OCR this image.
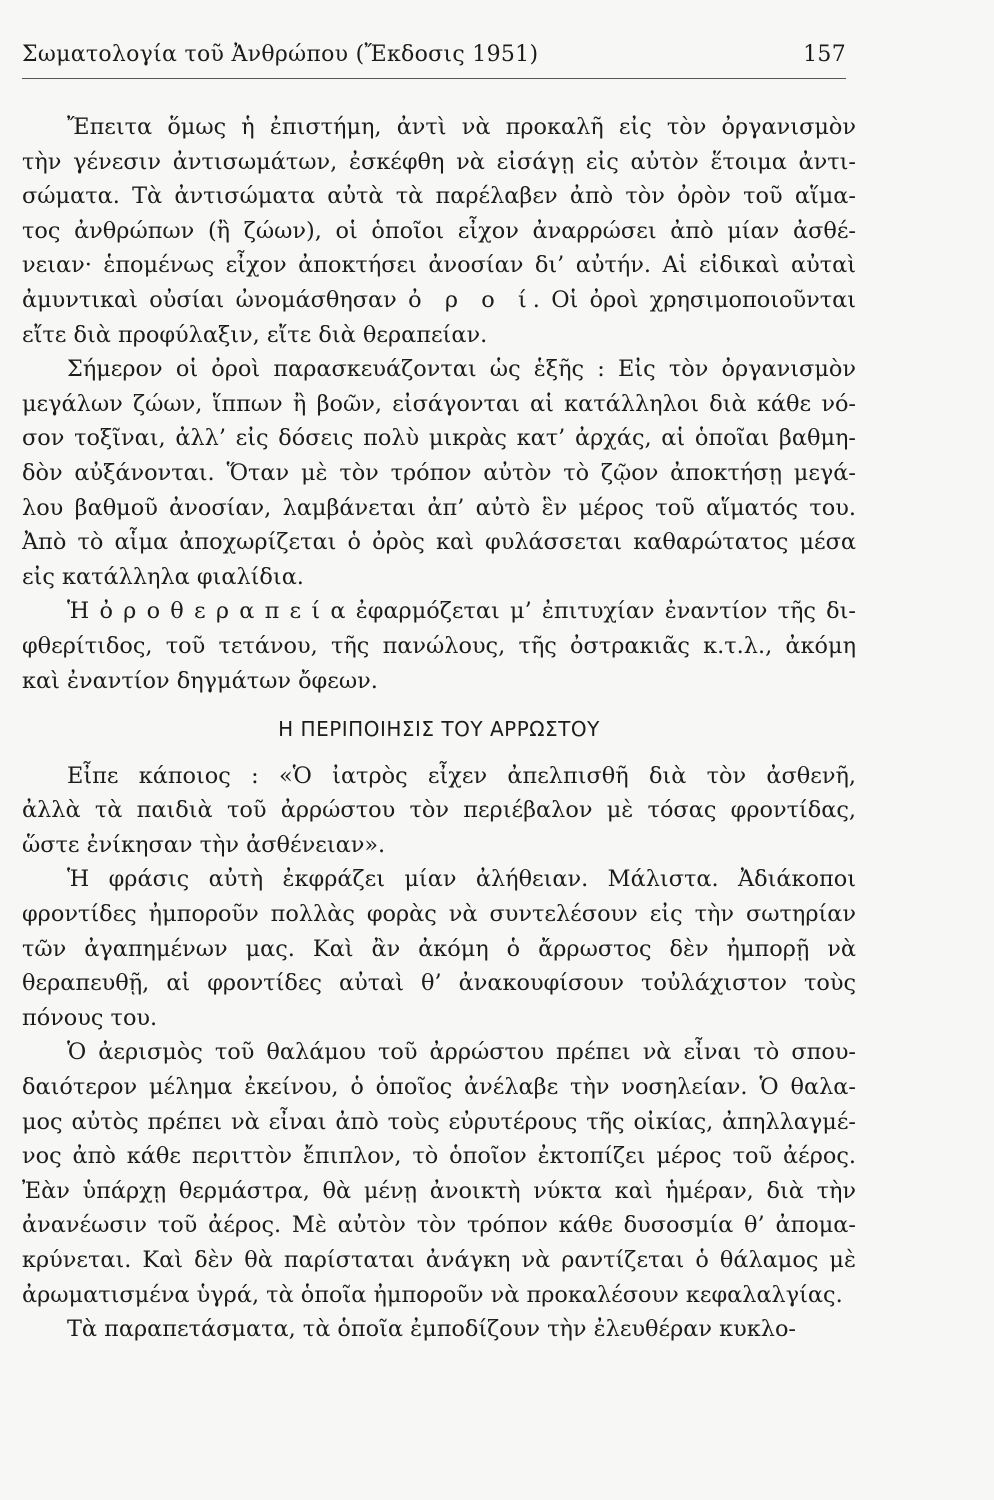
Σωματολογία τοῦ Ἀνθρώπου (Ἔκδοσις 1951)	157
Ἔπειτα ὅμως ἡ ἐπιστήμη, ἀντὶ νὰ προκαλῆ εἰς τὸν ὀργανισμὸν
τὴν γένεσιν ἀντισωμάτων, ἐσκέφθη νὰ εἰσάγῃ εἰς αὐτὸν ἕτοιμα ἀντι-
σώματα. Τὰ ἀντισώματα αὐτὰ τὰ παρέλαβεν ἀπὸ τὸν ὀρὸν τοῦ αἵμα-
τος ἀνθρώπων (ἢ ζώων), οἱ ὁποῖοι εἶχον ἀναρρώσει ἀπὸ μίαν ἀσθέ-
νειαν· ἑπομένως εἶχον ἀποκτήσει ἀνοσίαν δι’ αὐτήν. Αἱ εἰδικαὶ αὐταὶ
ἀμυντικαὶ οὐσίαι ὠνομάσθησαν ὀ ρ ο ί. Οἱ ὀροὶ χρησιμοποιοῦνται
εἴτε διὰ προφύλαξιν, εἴτε διὰ θεραπείαν.
Σήμερον οἱ ὀροὶ παρασκευάζονται ὡς ἑξῆς : Εἰς τὸν ὀργανισμὸν
μεγάλων ζώων, ἵππων ἢ βοῶν, εἰσάγονται αἱ κατάλληλοι διὰ κάθε νό-
σον τοξῖναι, ἀλλ’ εἰς δόσεις πολὺ μικρὰς κατ’ ἀρχάς, αἱ ὁποῖαι βαθμη-
δὸν αὐξάνονται. Ὅταν μὲ τὸν τρόπον αὐτὸν τὸ ζῷον ἀποκτήσῃ μεγά-
λου βαθμοῦ ἀνοσίαν, λαμβάνεται ἀπ’ αὐτὸ ἓν μέρος τοῦ αἵματός του.
Ἀπὸ τὸ αἷμα ἀποχωρίζεται ὁ ὀρὸς καὶ φυλάσσεται καθαρώτατος μέσα
εἰς κατάλληλα φιαλίδια.
Ἡ ὀ ρ ο θ ε ρ α π ε ί α ἐφαρμόζεται μ’ ἐπιτυχίαν ἐναντίον τῆς δι-
φθερίτιδος, τοῦ τετάνου, τῆς πανώλους, τῆς ὀστρακιᾶς κ.τ.λ., ἀκόμη
καὶ ἐναντίον δηγμάτων ὄφεων.
Η ΠΕΡΙΠΟΙΗΣΙΣ ΤΟΥ ΑΡΡΩΣΤΟΥ
Εἶπε κάποιος : «Ὁ ἰατρὸς εἶχεν ἀπελπισθῆ διὰ τὸν ἀσθενῆ,
ἀλλὰ τὰ παιδιὰ τοῦ ἀρρώστου τὸν περιέβαλον μὲ τόσας φροντίδας,
ὥστε ἐνίκησαν τὴν ἀσθένειαν».
Ἡ φράσις αὐτὴ ἐκφράζει μίαν ἀλήθειαν. Μάλιστα. Ἀδιάκοποι
φροντίδες ἠμποροῦν πολλὰς φορὰς νὰ συντελέσουν εἰς τὴν σωτηρίαν
τῶν ἀγαπημένων μας. Καὶ ἂν ἀκόμη ὁ ἄρρωστος δὲν ἠμπορῇ νὰ
θεραπευθῇ, αἱ φροντίδες αὐταὶ θ’ ἀνακουφίσουν τοὐλάχιστον τοὺς
πόνους του.
Ὁ ἀερισμὸς τοῦ θαλάμου τοῦ ἀρρώστου πρέπει νὰ εἶναι τὸ σπου-
δαιότερον μέλημα ἐκείνου, ὁ ὁποῖος ἀνέλαβε τὴν νοσηλείαν. Ὁ θαλα-
μος αὐτὸς πρέπει νὰ εἶναι ἀπὸ τοὺς εὐρυτέρους τῆς οἰκίας, ἀπηλλαγμέ-
νος ἀπὸ κάθε περιττὸν ἔπιπλον, τὸ ὁποῖον ἐκτοπίζει μέρος τοῦ ἀέρος.
Ἐὰν ὑπάρχῃ θερμάστρα, θὰ μένῃ ἀνοικτὴ νύκτα καὶ ἡμέραν, διὰ τὴν
ἀνανέωσιν τοῦ ἀέρος. Μὲ αὐτὸν τὸν τρόπον κάθε δυσοσμία θ’ ἀπομα-
κρύνεται. Καὶ δὲν θὰ παρίσταται ἀνάγκη νὰ ραντίζεται ὁ θάλαμος μὲ
ἀρωματισμένα ὑγρά, τὰ ὁποῖα ἠμποροῦν νὰ προκαλέσουν κεφαλαλγίας.
Τὰ παραπετάσματα, τὰ ὁποῖα ἐμποδίζουν τὴν ἐλευθέραν κυκλο-
